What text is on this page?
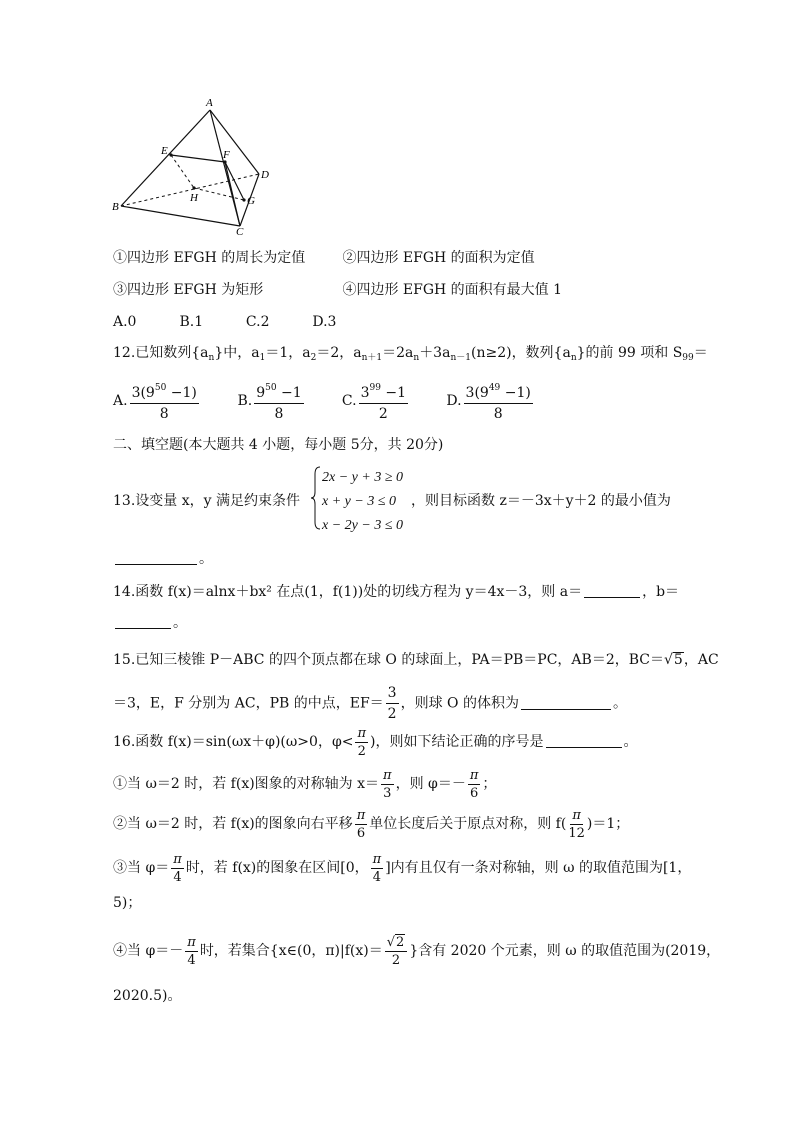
A
B
C
D
E	F
G
H
①四边形 EFGH 的周长为定值	②四边形 EFGH 的面积为定值
③四边形 EFGH 为矩形	④四边形 EFGH 的面积有最大值 1
A.0	B.1	C.2	D.3
12.已知数列$\{a_n\}$中，$a_1=1$，$a_2=2$，$a_{n+1}=2a_n+3a_{n-1}(n\ge 2)$，数列$\{a_n\}$的前 99 项和 $S_{99}=$
A. $\frac{3(9^{50} -1)}{8}$	B. $\frac{9^{50} -1}{8}$	C. $\frac{3^{99} -1}{2}$	D. $\frac{3(9^{49} -1)}{8}$
二、填空题(本大题共 4 小题，每小题 5分，共 20分)
13.设变量 x，y 满足约束条件
2x − y + 3 ≥ 0
x + y − 3 ≤ 0
x − 2y − 3 ≤ 0
，则目标函数 z＝－3x＋y＋2 的最小值为
。
14.函数 f(x)＝alnx＋bx² 在点(1，f(1))处的切线方程为 y＝4x－3，则 a＝	，b＝
。
15.已知三棱锥 P－ABC 的四个顶点都在球 O 的球面上，PA＝PB＝PC，AB＝2，BC＝√5，AC
＝3，E，F 分别为 AC，PB 的中点，$EF= \frac{3}{2}$ ，则球 O 的体积为	。
16.函数 f(x)＝sin(ωx＋φ)(ω>0，$\varphi< \frac{\pi}{2}$ )，则如下结论正确的序号是	。
①当 ω＝2 时，若 f(x)图象的对称轴为 $x= \frac{\pi}{3}$ ，则 $\varphi=- \frac{\pi}{6}$ ；
②当 ω＝2 时，若 f(x)的图象向右平移 $\frac{\pi}{6}$ 单位长度后关于原点对称，则 $f( \frac{\pi}{12} )=1$；
③当 $\varphi= \frac{\pi}{4}$ 时，若 f(x)的图象在区间[0， $\frac{\pi}{4}$ ]内有且仅有一条对称轴，则 ω 的取值范围为[1，
5)；
④当 $\varphi=- \frac{\pi}{4}$ 时，若集合{x∈(0，$\pi)|f(x)= \frac{√2}{2}$ }含有 2020 个元素，则 ω 的取值范围为(2019，
2020.5)。
